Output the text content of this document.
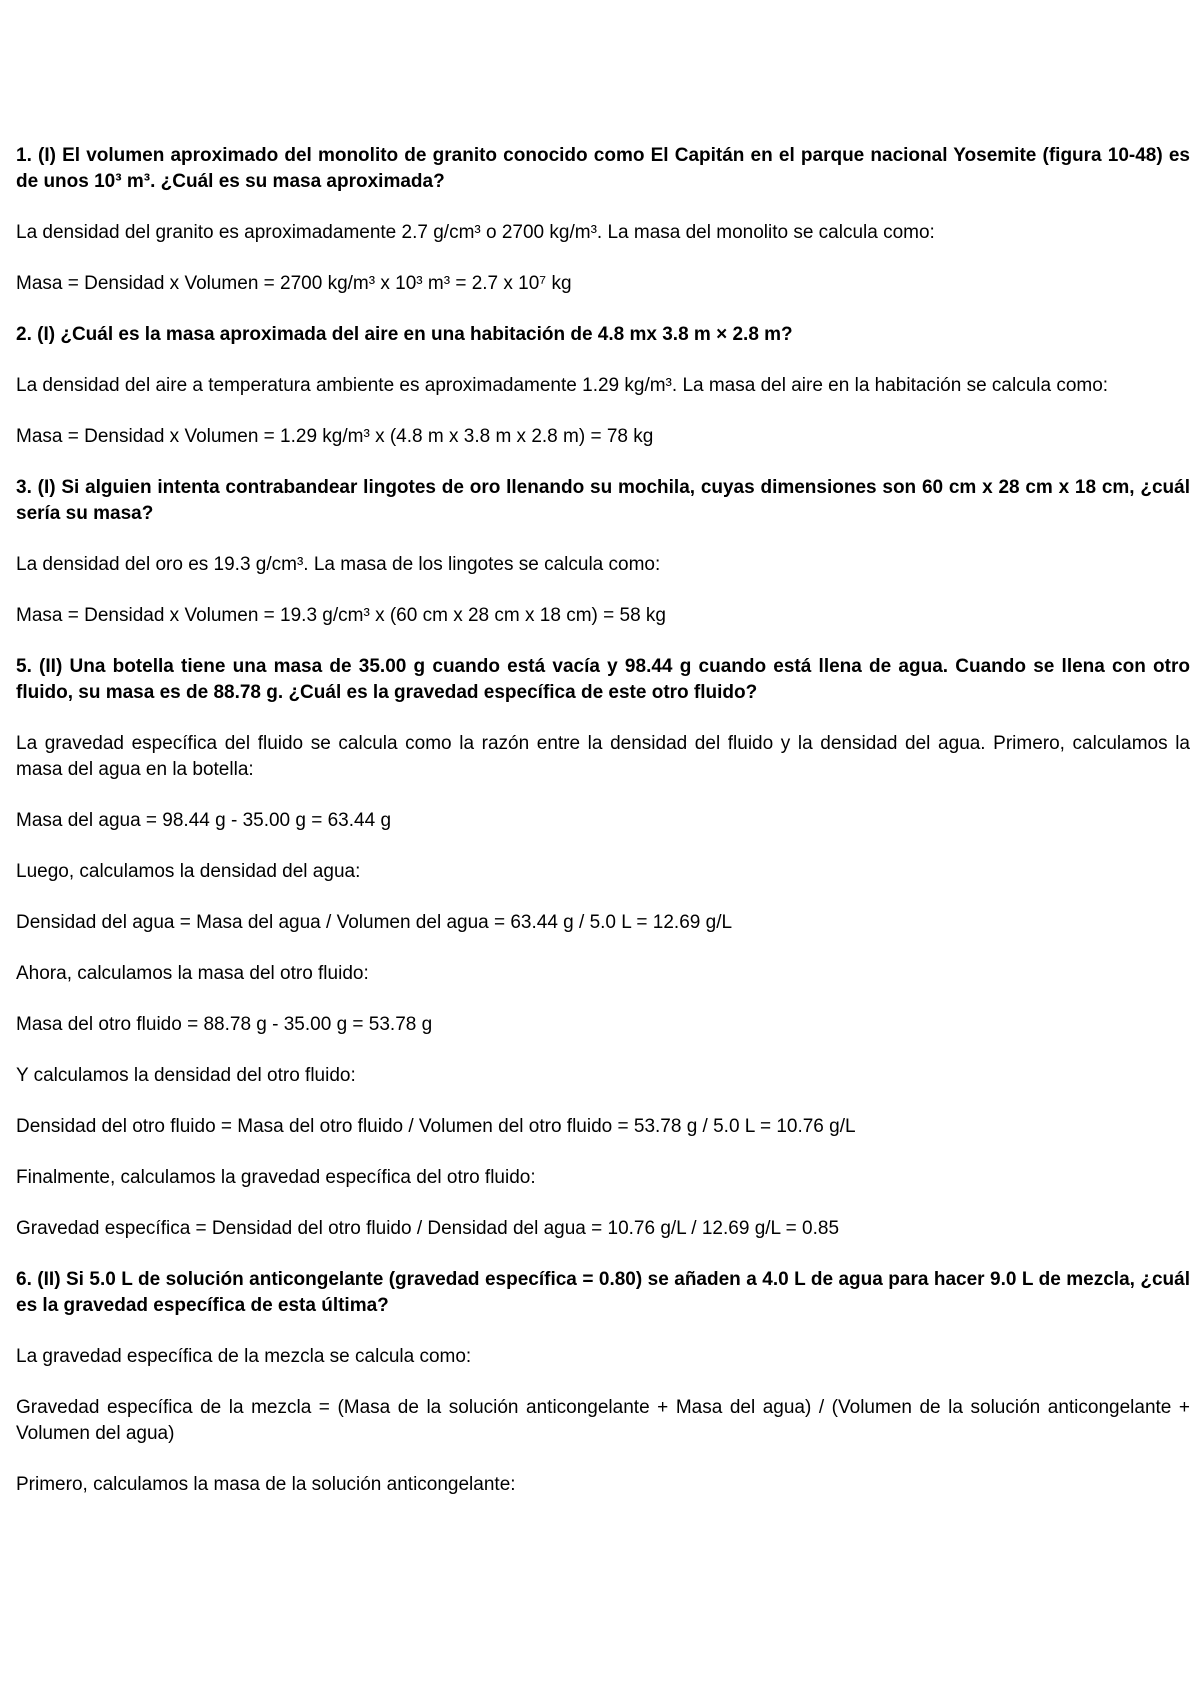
1. (I) El volumen aproximado del monolito de granito conocido como El Capitán en el parque nacional Yosemite (figura 10-48) es de unos 10³ m³. ¿Cuál es su masa aproximada?

La densidad del granito es aproximadamente 2.7 g/cm³ o 2700 kg/m³. La masa del monolito se calcula como:

Masa = Densidad x Volumen = 2700 kg/m³ x 10³ m³ = 2.7 x 10⁷ kg

2. (I) ¿Cuál es la masa aproximada del aire en una habitación de 4.8 mx 3.8 m × 2.8 m?

La densidad del aire a temperatura ambiente es aproximadamente 1.29 kg/m³. La masa del aire en la habitación se calcula como:

Masa = Densidad x Volumen = 1.29 kg/m³ x (4.8 m x 3.8 m x 2.8 m) = 78 kg

3. (I) Si alguien intenta contrabandear lingotes de oro llenando su mochila, cuyas dimensiones son 60 cm x 28 cm x 18 cm, ¿cuál sería su masa?

La densidad del oro es 19.3 g/cm³. La masa de los lingotes se calcula como:

Masa = Densidad x Volumen = 19.3 g/cm³ x (60 cm x 28 cm x 18 cm) = 58 kg

5. (II) Una botella tiene una masa de 35.00 g cuando está vacía y 98.44 g cuando está llena de agua. Cuando se llena con otro fluido, su masa es de 88.78 g. ¿Cuál es la gravedad específica de este otro fluido?

La gravedad específica del fluido se calcula como la razón entre la densidad del fluido y la densidad del agua. Primero, calculamos la masa del agua en la botella:

Masa del agua = 98.44 g - 35.00 g = 63.44 g

Luego, calculamos la densidad del agua:

Densidad del agua = Masa del agua / Volumen del agua = 63.44 g / 5.0 L = 12.69 g/L

Ahora, calculamos la masa del otro fluido:

Masa del otro fluido = 88.78 g - 35.00 g = 53.78 g

Y calculamos la densidad del otro fluido:

Densidad del otro fluido = Masa del otro fluido / Volumen del otro fluido = 53.78 g / 5.0 L = 10.76 g/L

Finalmente, calculamos la gravedad específica del otro fluido:

Gravedad específica = Densidad del otro fluido / Densidad del agua = 10.76 g/L / 12.69 g/L = 0.85

6. (II) Si 5.0 L de solución anticongelante (gravedad específica = 0.80) se añaden a 4.0 L de agua para hacer 9.0 L de mezcla, ¿cuál es la gravedad específica de esta última?

La gravedad específica de la mezcla se calcula como:

Gravedad específica de la mezcla = (Masa de la solución anticongelante + Masa del agua) / (Volumen de la solución anticongelante + Volumen del agua)

Primero, calculamos la masa de la solución anticongelante:
